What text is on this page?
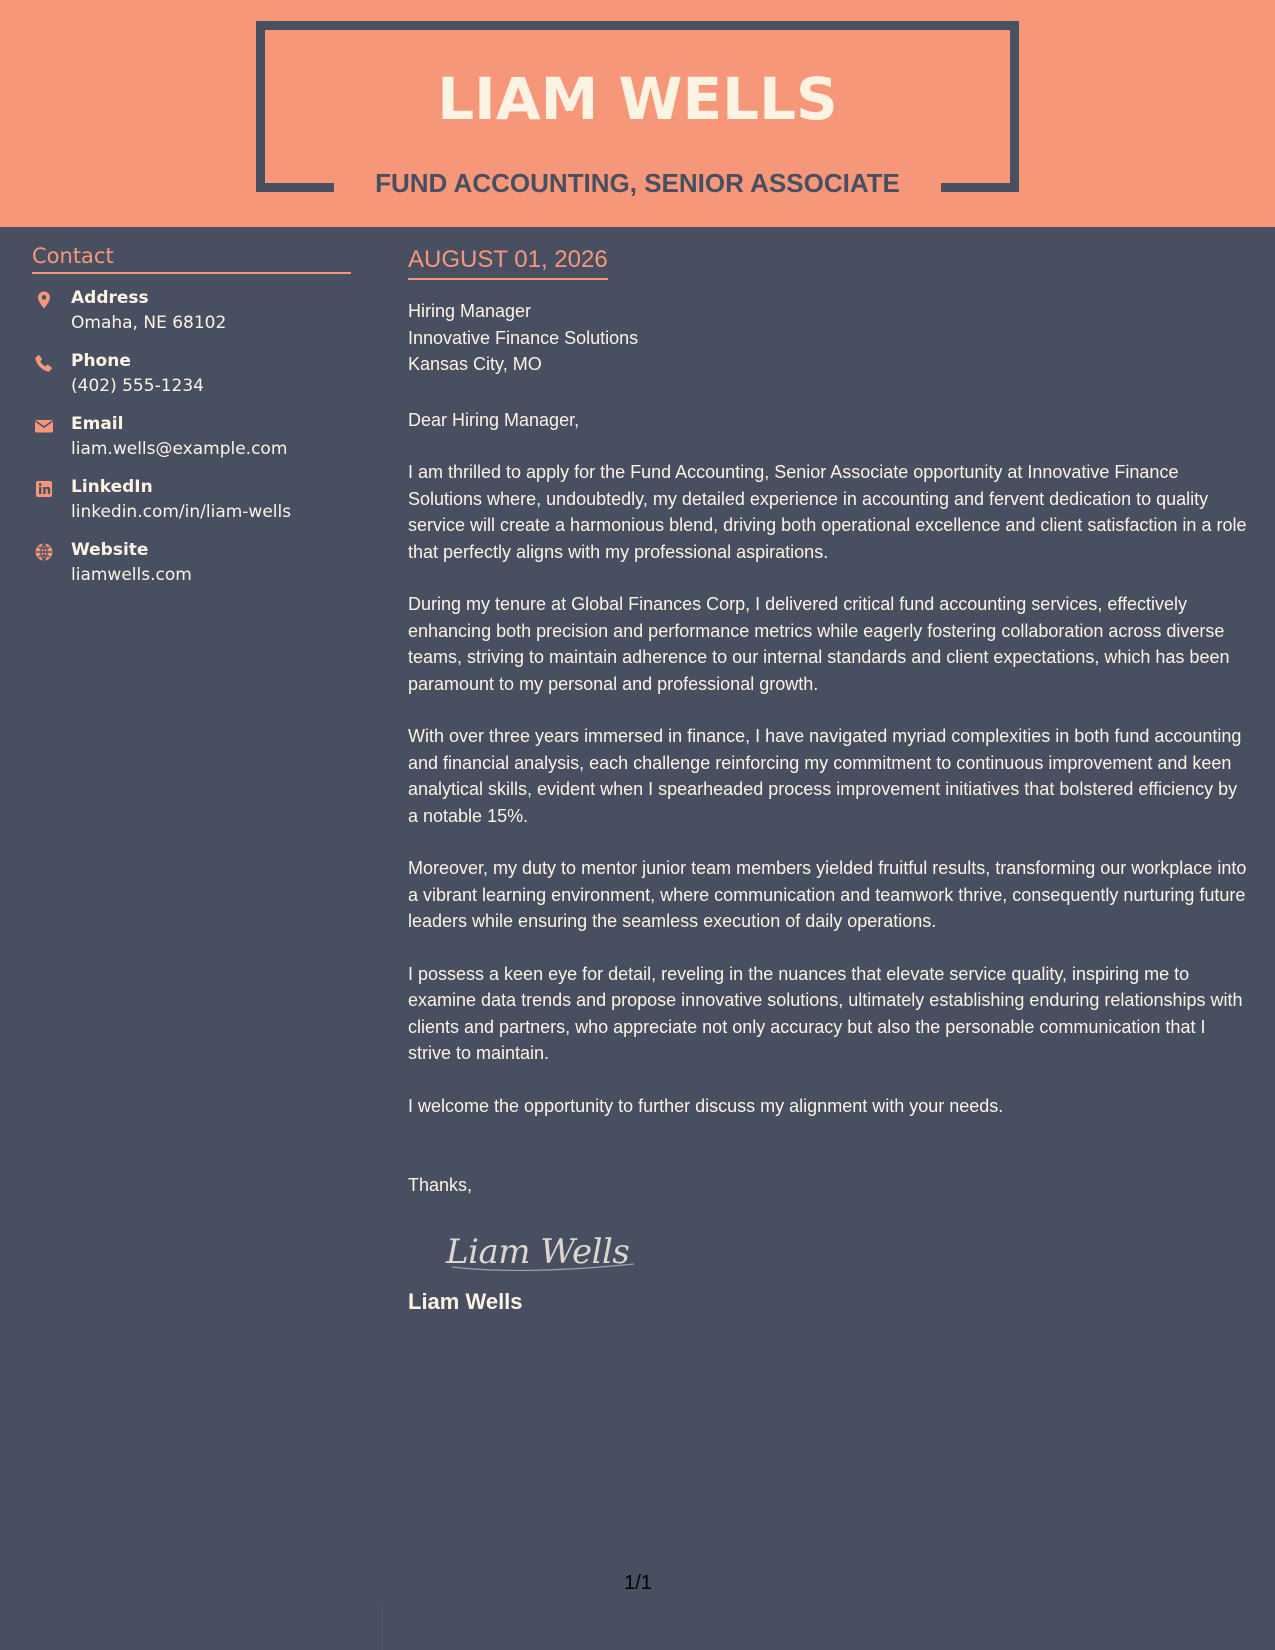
LIAM WELLS
FUND ACCOUNTING, SENIOR ASSOCIATE
Contact
Address
Omaha, NE 68102
Phone
(402) 555-1234
Email
liam.wells@example.com
LinkedIn
linkedin.com/in/liam-wells
Website
liamwells.com
AUGUST 01, 2026
Hiring Manager
Innovative Finance Solutions
Kansas City, MO
Dear Hiring Manager,

I am thrilled to apply for the Fund Accounting, Senior Associate opportunity at Innovative Finance Solutions where, undoubtedly, my detailed experience in accounting and fervent dedication to quality service will create a harmonious blend, driving both operational excellence and client satisfaction in a role that perfectly aligns with my professional aspirations.

During my tenure at Global Finances Corp, I delivered critical fund accounting services, effectively enhancing both precision and performance metrics while eagerly fostering collaboration across diverse teams, striving to maintain adherence to our internal standards and client expectations, which has been paramount to my personal and professional growth.

With over three years immersed in finance, I have navigated myriad complexities in both fund accounting and financial analysis, each challenge reinforcing my commitment to continuous improvement and keen analytical skills, evident when I spearheaded process improvement initiatives that bolstered efficiency by a notable 15%.

Moreover, my duty to mentor junior team members yielded fruitful results, transforming our workplace into a vibrant learning environment, where communication and teamwork thrive, consequently nurturing future leaders while ensuring the seamless execution of daily operations.

I possess a keen eye for detail, reveling in the nuances that elevate service quality, inspiring me to examine data trends and propose innovative solutions, ultimately establishing enduring relationships with clients and partners, who appreciate not only accuracy but also the personable communication that I strive to maintain.

I welcome the opportunity to further discuss my alignment with your needs.

Thanks,
Liam Wells
Liam Wells
1/1
